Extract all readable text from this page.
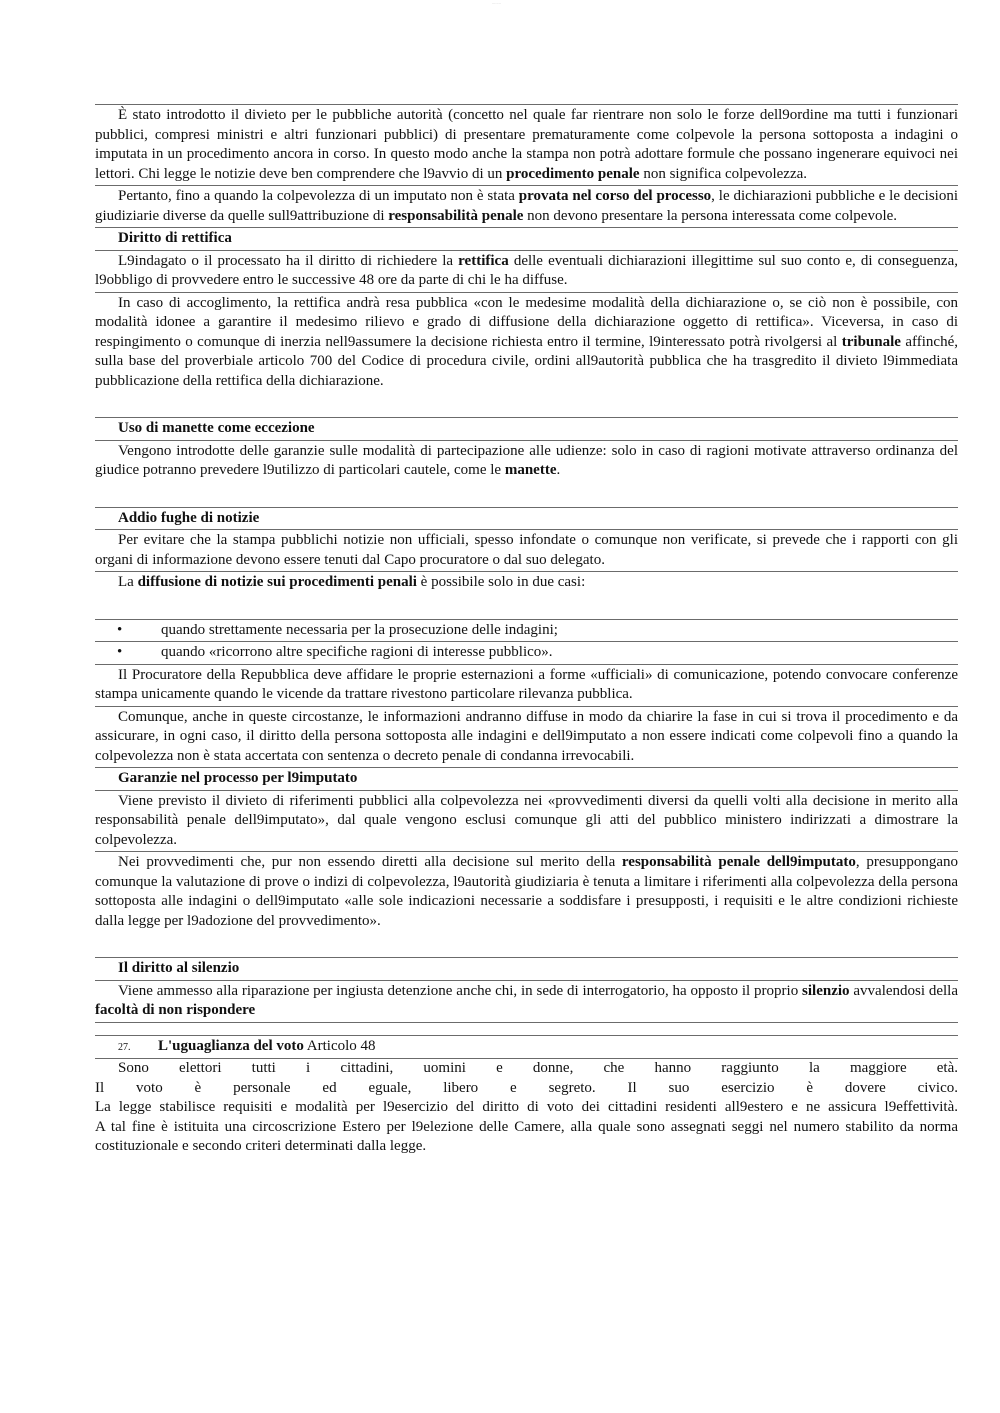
........

È stato introdotto il divieto per le pubbliche autorità (concetto nel quale far rientrare non solo le forze dell9ordine ma tutti i funzionari pubblici, compresi ministri e altri funzionari pubblici) di presentare prematuramente come colpevole la persona sottoposta a indagini o imputata in un procedimento ancora in corso. In questo modo anche la stampa non potrà adottare formule che possano ingenerare equivoci nei lettori. Chi legge le notizie deve ben comprendere che l9avvio di un procedimento penale non significa colpevolezza.

Pertanto, fino a quando la colpevolezza di un imputato non è stata provata nel corso del processo, le dichiarazioni pubbliche e le decisioni giudiziarie diverse da quelle sull9attribuzione di responsabilità penale non devono presentare la persona interessata come colpevole.

Diritto di rettifica

L9indagato o il processato ha il diritto di richiedere la rettifica delle eventuali dichiarazioni illegittime sul suo conto e, di conseguenza, l9obbligo di provvedere entro le successive 48 ore da parte di chi le ha diffuse.

In caso di accoglimento, la rettifica andrà resa pubblica «con le medesime modalità della dichiarazione o, se ciò non è possibile, con modalità idonee a garantire il medesimo rilievo e grado di diffusione della dichiarazione oggetto di rettifica». Viceversa, in caso di respingimento o comunque di inerzia nell9assumere la decisione richiesta entro il termine, l9interessato potrà rivolgersi al tribunale affinché, sulla base del proverbiale articolo 700 del Codice di procedura civile, ordini all9autorità pubblica che ha trasgredito il divieto l9immediata pubblicazione della rettifica della dichiarazione.

Uso di manette come eccezione

Vengono introdotte delle garanzie sulle modalità di partecipazione alle udienze: solo in caso di ragioni motivate attraverso ordinanza del giudice potranno prevedere l9utilizzo di particolari cautele, come le manette.

Addio fughe di notizie

Per evitare che la stampa pubblichi notizie non ufficiali, spesso infondate o comunque non verificate, si prevede che i rapporti con gli organi di informazione devono essere tenuti dal Capo procuratore o dal suo delegato.

La diffusione di notizie sui procedimenti penali è possibile solo in due casi:

•	quando strettamente necessaria per la prosecuzione delle indagini;
•	quando «ricorrono altre specifiche ragioni di interesse pubblico».

Il Procuratore della Repubblica deve affidare le proprie esternazioni a forme «ufficiali» di comunicazione, potendo convocare conferenze stampa unicamente quando le vicende da trattare rivestono particolare rilevanza pubblica.

Comunque, anche in queste circostanze, le informazioni andranno diffuse in modo da chiarire la fase in cui si trova il procedimento e da assicurare, in ogni caso, il diritto della persona sottoposta alle indagini e dell9imputato a non essere indicati come colpevoli fino a quando la colpevolezza non è stata accertata con sentenza o decreto penale di condanna irrevocabili.

Garanzie nel processo per l9imputato

Viene previsto il divieto di riferimenti pubblici alla colpevolezza nei «provvedimenti diversi da quelli volti alla decisione in merito alla responsabilità penale dell9imputato», dal quale vengono esclusi comunque gli atti del pubblico ministero indirizzati a dimostrare la colpevolezza.

Nei provvedimenti che, pur non essendo diretti alla decisione sul merito della responsabilità penale dell9imputato, presuppongano comunque la valutazione di prove o indizi di colpevolezza, l9autorità giudiziaria è tenuta a limitare i riferimenti alla colpevolezza della persona sottoposta alle indagini o dell9imputato «alle sole indicazioni necessarie a soddisfare i presupposti, i requisiti e le altre condizioni richieste dalla legge per l9adozione del provvedimento».

Il diritto al silenzio

Viene ammesso alla riparazione per ingiusta detenzione anche chi, in sede di interrogatorio, ha opposto il proprio silenzio avvalendosi della facoltà di non rispondere

27. L'uguaglianza del voto Articolo 48

Sono elettori tutti i cittadini, uomini e donne, che hanno raggiunto la maggiore età.

Il voto è personale ed eguale, libero e segreto. Il suo esercizio è dovere civico.

La legge stabilisce requisiti e modalità per l9esercizio del diritto di voto dei cittadini residenti all9estero e ne assicura l9effettività.

A tal fine è istituita una circoscrizione Estero per l9elezione delle Camere, alla quale sono assegnati seggi nel numero stabilito da norma costituzionale e secondo criteri determinati dalla legge.
